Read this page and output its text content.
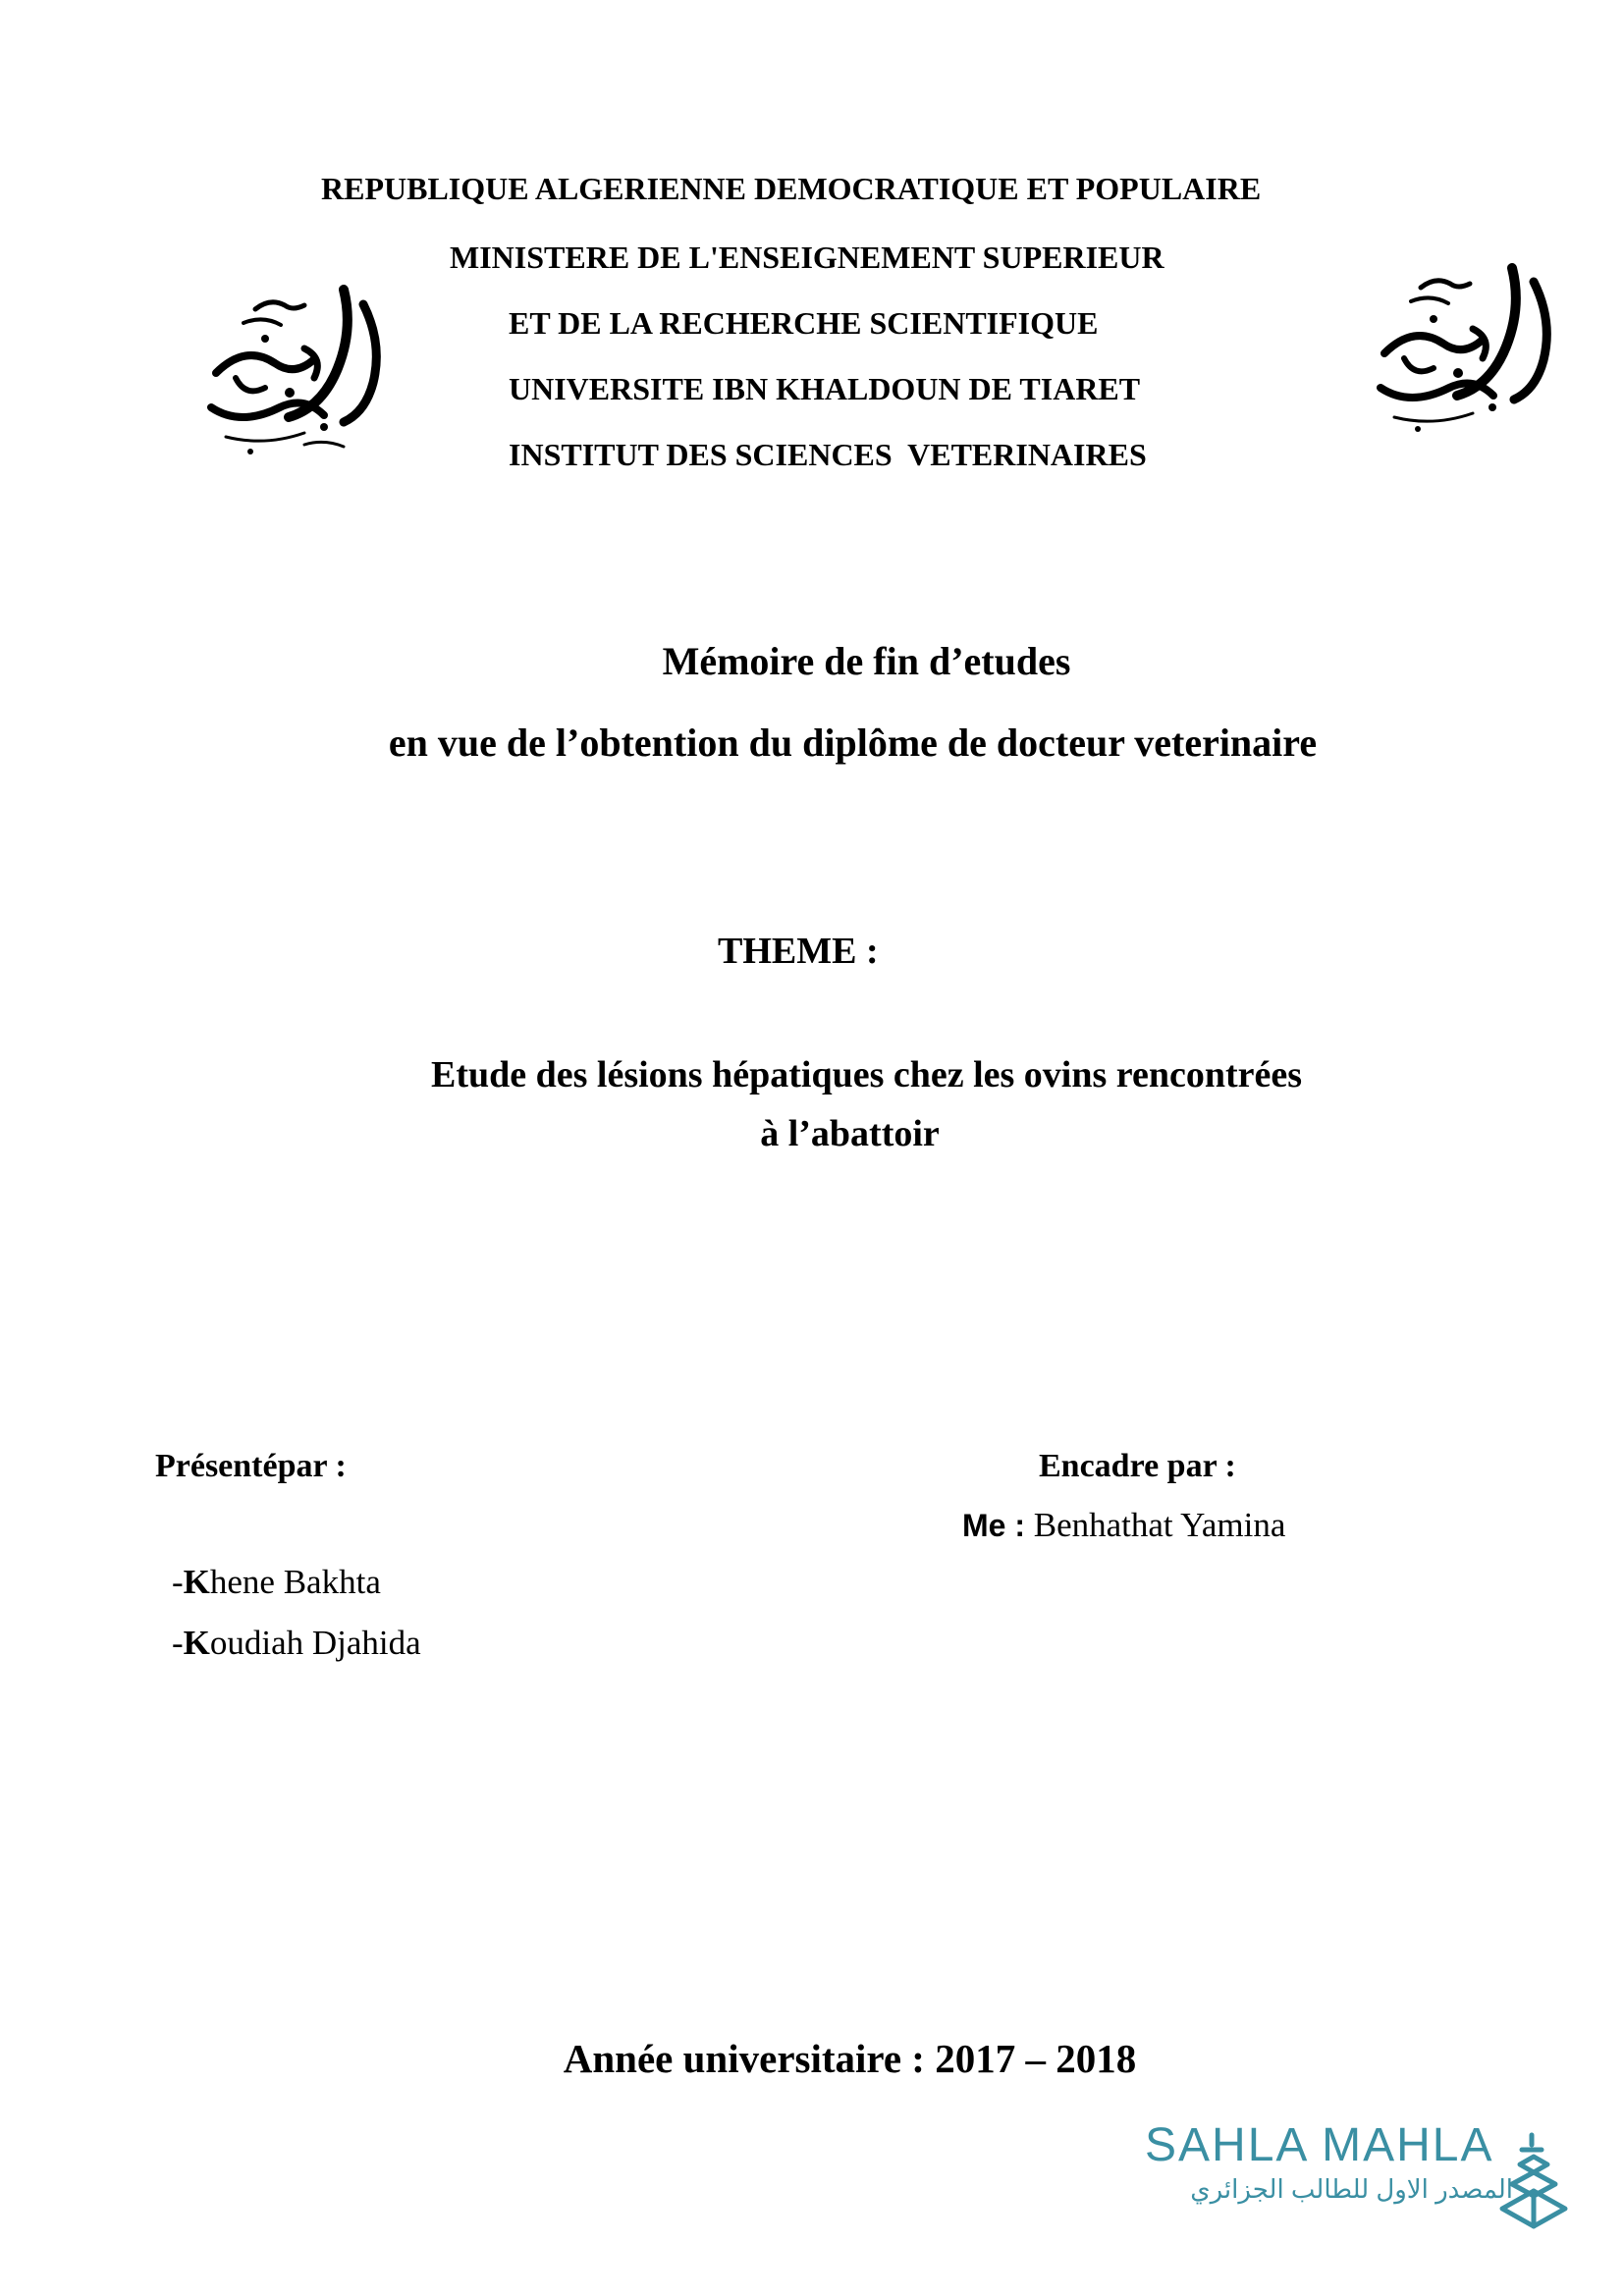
REPUBLIQUE ALGERIENNE DEMOCRATIQUE ET POPULAIRE
MINISTERE DE L'ENSEIGNEMENT SUPERIEUR
ET DE LA RECHERCHE SCIENTIFIQUE
UNIVERSITE IBN KHALDOUN DE TIARET
INSTITUT DES SCIENCES  VETERINAIRES
Mémoire de fin d’etudes
en vue de l’obtention du diplôme de docteur veterinaire
THEME :
Etude des lésions hépatiques chez les ovins rencontrées
à l’abattoir
Présentépar :
-Khene Bakhta
-Koudiah Djahida
Encadre par :
Me : Benhathat Yamina
Année universitaire : 2017 – 2018
SAHLA MAHLA
المصدر الاول للطالب الجزائري
